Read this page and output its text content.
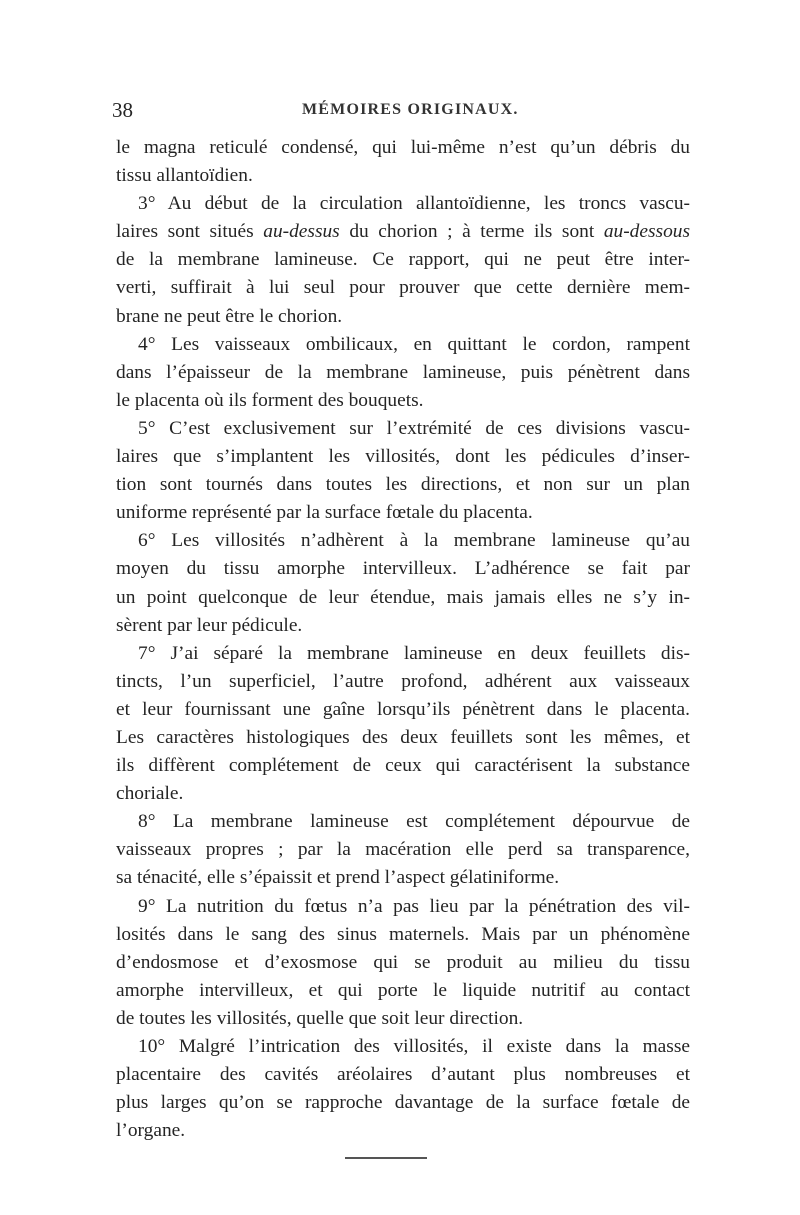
38	MÉMOIRES ORIGINAUX.
le magna reticulé condensé, qui lui-même n’est qu’un débris du
tissu allantoïdien.
3° Au début de la circulation allantoïdienne, les troncs vascu-
laires sont situés au-dessus du chorion ; à terme ils sont au-dessous
de la membrane lamineuse. Ce rapport, qui ne peut être inter-
verti, suffirait à lui seul pour prouver que cette dernière mem-
brane ne peut être le chorion.
4° Les vaisseaux ombilicaux, en quittant le cordon, rampent
dans l’épaisseur de la membrane lamineuse, puis pénètrent dans
le placenta où ils forment des bouquets.
5° C’est exclusivement sur l’extrémité de ces divisions vascu-
laires que s’implantent les villosités, dont les pédicules d’inser-
tion sont tournés dans toutes les directions, et non sur un plan
uniforme représenté par la surface fœtale du placenta.
6° Les villosités n’adhèrent à la membrane lamineuse qu’au
moyen du tissu amorphe intervilleux. L’adhérence se fait par
un point quelconque de leur étendue, mais jamais elles ne s’y in-
sèrent par leur pédicule.
7° J’ai séparé la membrane lamineuse en deux feuillets dis-
tincts, l’un superficiel, l’autre profond, adhérent aux vaisseaux
et leur fournissant une gaîne lorsqu’ils pénètrent dans le placenta.
Les caractères histologiques des deux feuillets sont les mêmes, et
ils diffèrent complétement de ceux qui caractérisent la substance
choriale.
8° La membrane lamineuse est complétement dépourvue de
vaisseaux propres ; par la macération elle perd sa transparence,
sa ténacité, elle s’épaissit et prend l’aspect gélatiniforme.
9° La nutrition du fœtus n’a pas lieu par la pénétration des vil-
losités dans le sang des sinus maternels. Mais par un phénomène
d’endosmose et d’exosmose qui se produit au milieu du tissu
amorphe intervilleux, et qui porte le liquide nutritif au contact
de toutes les villosités, quelle que soit leur direction.
10° Malgré l’intrication des villosités, il existe dans la masse
placentaire des cavités aréolaires d’autant plus nombreuses et
plus larges qu’on se rapproche davantage de la surface fœtale de
l’organe.
